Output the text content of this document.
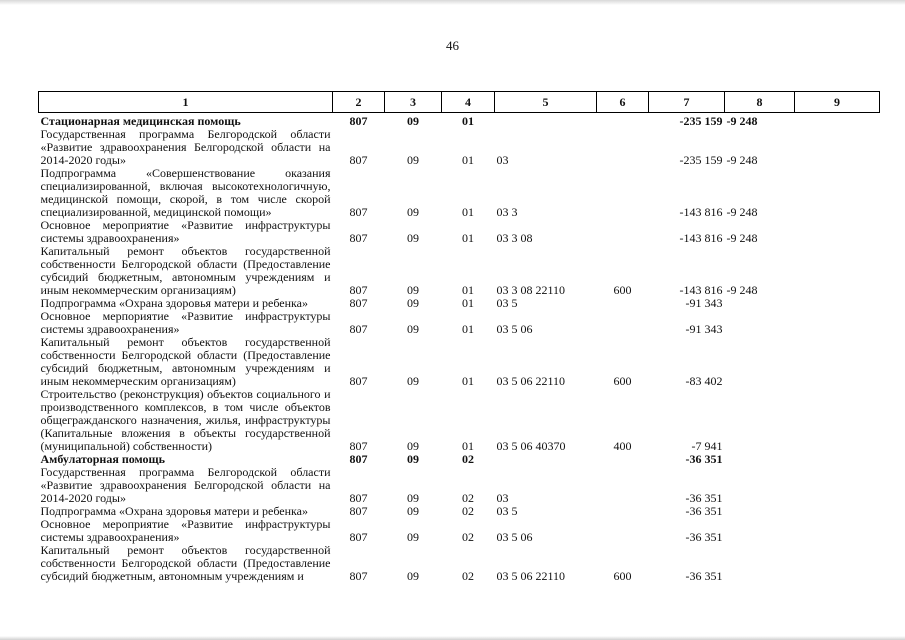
46
1	2	3	4	5	6	7	8	9
Стационарная медицинская помощь	807	09	01			-235 159	-9 248	
Государственная программа Белгородской области «Развитие здравоохранения Белгородской области на 2014-2020 годы»	807	09	01	03		-235 159	-9 248	
Подпрограмма «Совершенствование оказания специализированной, включая высокотехнологичную, медицинской помощи, скорой, в том числе скорой специализированной, медицинской помощи»	807	09	01	03 3		-143 816	-9 248	
Основное мероприятие «Развитие инфраструктуры системы здравоохранения»	807	09	01	03 3 08		-143 816	-9 248	
Капитальный ремонт объектов государственной собственности Белгородской области (Предоставление субсидий бюджетным, автономным учреждениям и иным некоммерческим организациям)	807	09	01	03 3 08 22110	600	-143 816	-9 248	
Подпрограмма «Охрана здоровья матери и ребенка»	807	09	01	03 5		-91 343		
Основное мерпориятие «Развитие инфраструктуры системы здравоохранения»	807	09	01	03 5 06		-91 343		
Капитальный ремонт объектов государственной собственности Белгородской области (Предоставление субсидий бюджетным, автономным учреждениям и иным некоммерческим организациям)	807	09	01	03 5 06 22110	600	-83 402		
Строительство (реконструкция) объектов социального и производственного комплексов, в том числе объектов общегражданского назначения, жилья, инфраструктуры (Капитальные вложения в объекты государственной (муниципальной) собственности)	807	09	01	03 5 06 40370	400	-7 941		
Амбулаторная помощь	807	09	02			-36 351		
Государственная программа Белгородской области «Развитие здравоохранения Белгородской области на 2014-2020 годы»	807	09	02	03		-36 351		
Подпрограмма «Охрана здоровья матери и ребенка»	807	09	02	03 5		-36 351		
Основное мероприятие «Развитие инфраструктуры системы здравоохранения»	807	09	02	03 5 06		-36 351		
Капитальный ремонт объектов государственной собственности Белгородской области (Предоставление субсидий бюджетным, автономным учреждениям и	807	09	02	03 5 06 22110	600	-36 351		
